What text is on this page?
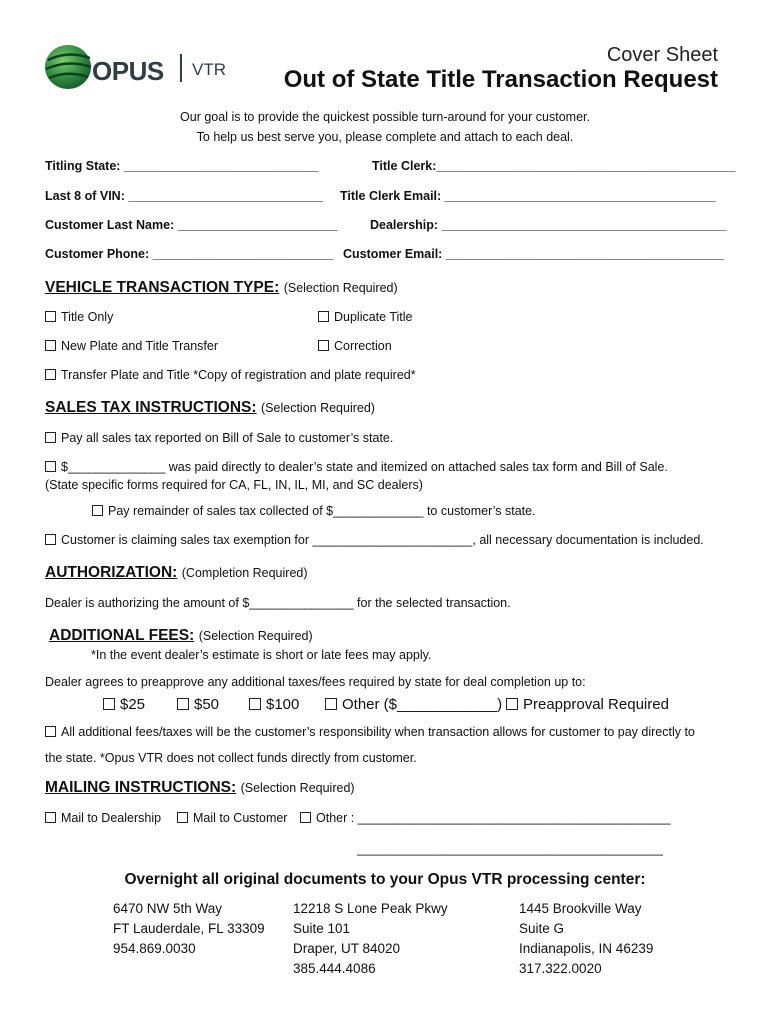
OPUS VTR
Cover Sheet
Out of State Title Transaction Request
Our goal is to provide the quickest possible turn-around for your customer.
To help us best serve you, please complete and attach to each deal.
Titling State: ____________________________	Title Clerk:___________________________________________
Last 8 of VIN: ____________________________ Title Clerk Email: _______________________________________
Customer Last Name: _______________________	Dealership: _________________________________________
Customer Phone: __________________________ Customer Email: ________________________________________
VEHICLE TRANSACTION TYPE: (Selection Required)
Title Only	Duplicate Title
New Plate and Title Transfer	Correction
Transfer Plate and Title *Copy of registration and plate required*
SALES TAX INSTRUCTIONS: (Selection Required)
Pay all sales tax reported on Bill of Sale to customer’s state.
$______________ was paid directly to dealer’s state and itemized on attached sales tax form and Bill of Sale.
(State specific forms required for CA, FL, IN, IL, MI, and SC dealers)
Pay remainder of sales tax collected of $_____________ to customer’s state.
Customer is claiming sales tax exemption for _______________________, all necessary documentation is included.
AUTHORIZATION: (Completion Required)
Dealer is authorizing the amount of $_______________ for the selected transaction.
ADDITIONAL FEES: (Selection Required)
*In the event dealer’s estimate is short or late fees may apply.
Dealer agrees to preapprove any additional taxes/fees required by state for deal completion up to:
$25	$50	$100	Other ($____________)	Preapproval Required
All additional fees/taxes will be the customer’s responsibility when transaction allows for customer to pay directly to
the state. *Opus VTR does not collect funds directly from customer.
MAILING INSTRUCTIONS: (Selection Required)
Mail to Dealership	Mail to Customer	Other : _____________________________________________
____________________________________________
Overnight all original documents to your Opus VTR processing center:
6470 NW 5th Way
FT Lauderdale, FL 33309
954.869.0030
12218 S Lone Peak Pkwy
Suite 101
Draper, UT 84020
385.444.4086
1445 Brookville Way
Suite G
Indianapolis, IN 46239
317.322.0020
